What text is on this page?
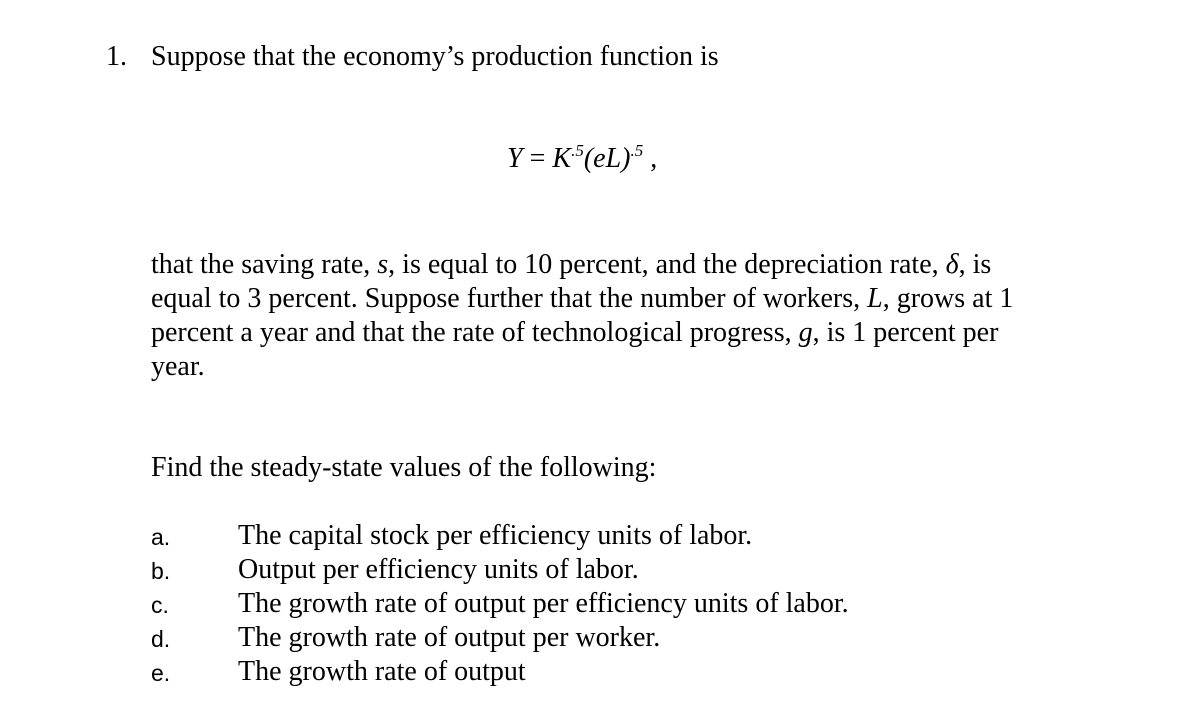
1. Suppose that the economy’s production function is
$Y = K^{.5}(eL)^{.5}$ ,
that the saving rate, s, is equal to 10 percent, and the depreciation rate, δ, is
equal to 3 percent. Suppose further that the number of workers, L, grows at 1
percent a year and that the rate of technological progress, g, is 1 percent per
year.
Find the steady-state values of the following:
a. The capital stock per efficiency units of labor.
b. Output per efficiency units of labor.
c. The growth rate of output per efficiency units of labor.
d. The growth rate of output per worker.
e. The growth rate of output
